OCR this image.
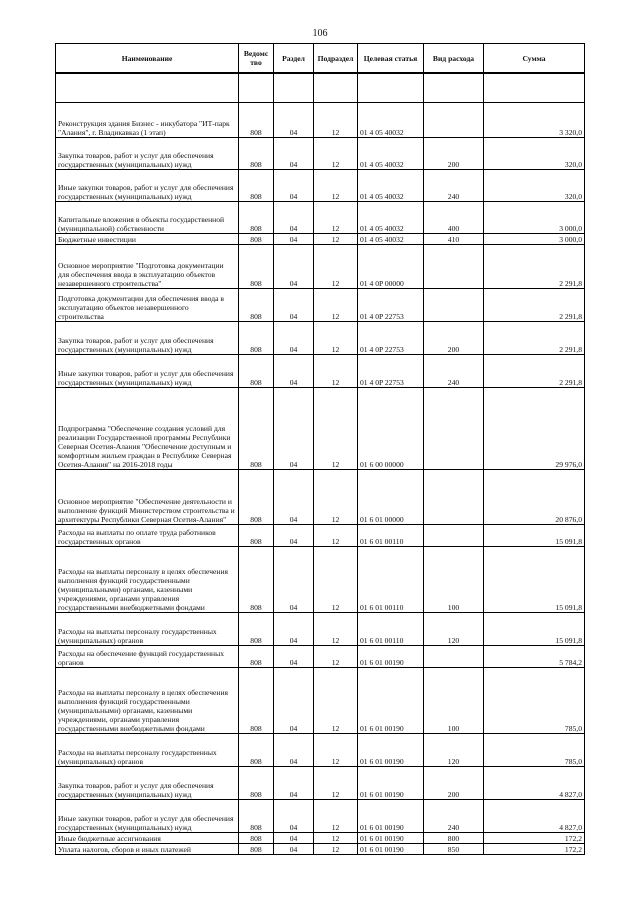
106
Наименование	Ведомс тво	Раздел	Подраздел	Целевая статья	Вид расхода	Сумма

Реконструкция здания Бизнес - инкубатора "ИТ-парк "Алания", г. Владикавказ (1 этап)	808	04	12	01 4 05 40032		3 320,0
Закупка товаров, работ и услуг для обеспечения государственных (муниципальных) нужд	808	04	12	01 4 05 40032	200	320,0
Иные закупки товаров, работ и услуг для обеспечения государственных (муниципальных) нужд	808	04	12	01 4 05 40032	240	320,0
Капитальные вложения в объекты государственной (муниципальной) собственности	808	04	12	01 4 05 40032	400	3 000,0
Бюджетные инвестиции	808	04	12	01 4 05 40032	410	3 000,0
Основное мероприятие "Подготовка документации для обеспечения ввода в эксплуатацию объектов незавершенного строительства"	808	04	12	01 4 0P 00000		2 291,8
Подготовка документации для обеспечения ввода в эксплуатацию объектов незавершенного строительства	808	04	12	01 4 0P 22753		2 291,8
Закупка товаров, работ и услуг для обеспечения государственных (муниципальных) нужд	808	04	12	01 4 0P 22753	200	2 291,8
Иные закупки товаров, работ и услуг для обеспечения государственных (муниципальных) нужд	808	04	12	01 4 0P 22753	240	2 291,8
Подпрограмма "Обеспечение создания условий для реализации Государственной программы Республики Северная Осетия-Алания "Обеспечение доступным и комфортным жильем граждан в Республике Северная Осетия-Алания" на 2016-2018 годы	808	04	12	01 6 00 00000		29 976,0
Основное мероприятие "Обеспечение деятельности и выполнение функций Министерством строительства и архитектуры Республики Северная Осетия-Алания"	808	04	12	01 6 01 00000		20 876,0
Расходы на выплаты по оплате труда работников государственных органов	808	04	12	01 6 01 00110		15 091,8
Расходы на выплаты персоналу в целях обеспечения выполнения функций государственными (муниципальными) органами, казенными учреждениями, органами управления государственными внебюджетными фондами	808	04	12	01 6 01 00110	100	15 091,8
Расходы на выплаты персоналу государственных (муниципальных) органов	808	04	12	01 6 01 00110	120	15 091,8
Расходы на обеспечение функций государственных органов	808	04	12	01 6 01 00190		5 784,2
Расходы на выплаты персоналу в целях обеспечения выполнения функций государственными (муниципальными) органами, казенными учреждениями, органами управления государственными внебюджетными фондами	808	04	12	01 6 01 00190	100	785,0
Расходы на выплаты персоналу государственных (муниципальных) органов	808	04	12	01 6 01 00190	120	785,0
Закупка товаров, работ и услуг для обеспечения государственных (муниципальных) нужд	808	04	12	01 6 01 00190	200	4 827,0
Иные закупки товаров, работ и услуг для обеспечения государственных (муниципальных) нужд	808	04	12	01 6 01 00190	240	4 827,0
Иные бюджетные ассигнования	808	04	12	01 6 01 00190	800	172,2
Уплата налогов, сборов и иных платежей	808	04	12	01 6 01 00190	850	172,2
